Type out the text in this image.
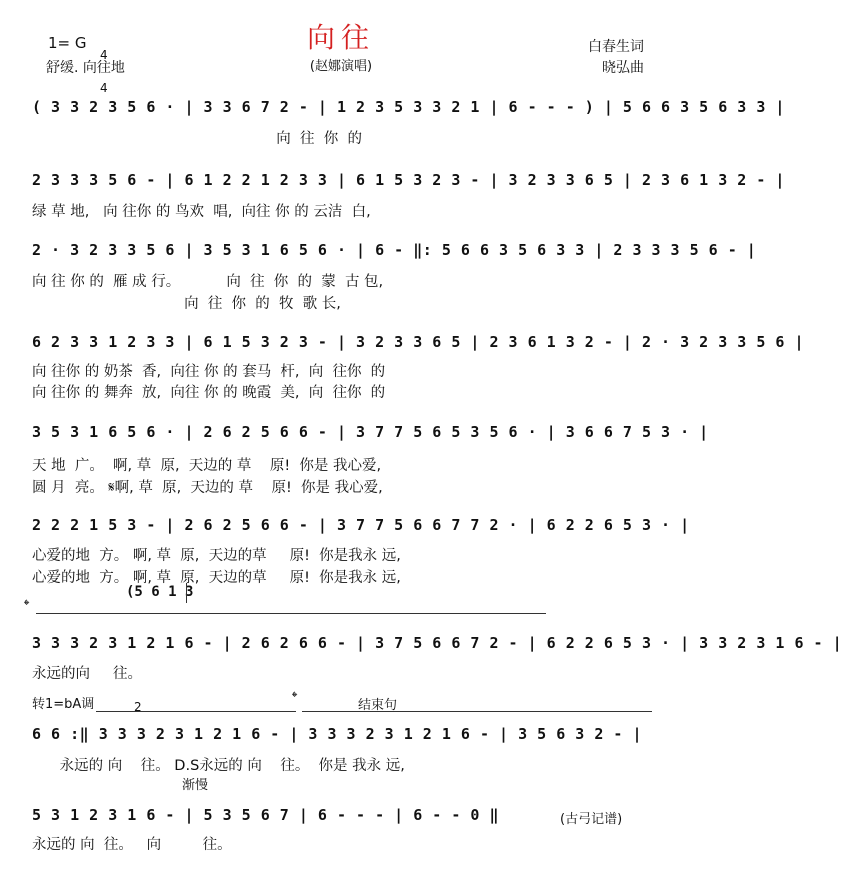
向往
1= G

4

4

舒缓. 向往地	(赵娜演唱)
白春生词
晓弘曲
( 3 3 2 3 5 6 · | 3 3 6 7 2 - | 1 2 3 5 3 3 2 1 | 6 - - - ) | 5 6 6 3 5 6 3 3 |
向  往  你  的
2 3 3 3 5 6 - | 6 1 2 2 1 2 3 3 | 6 1 5 3 2 3 - | 3 2 3 3 6 5 | 2 3 6 1 3 2 - |
绿 草 地,   向 往你 的 鸟欢  唱,  向往 你 的 云洁  白,
2 · 3 2 3 3 5 6 | 3 5 3 1 6 5 6 · | 6 - ‖: 5 6 6 3 5 6 3 3 | 2 3 3 3 5 6 - |
向 往 你 的  雁 成 行。          向  往  你  的  蒙  古 包,
向  往  你  的  牧  歌 长,
6 2 3 3 1 2 3 3 | 6 1 5 3 2 3 - | 3 2 3 3 6 5 | 2 3 6 1 3 2 - | 2 · 3 2 3 3 5 6 |
向 往你 的 奶茶  香,  向往 你 的 套马  杆,  向  往你  的
向 往你 的 舞奔  放,  向往 你 的 晚霞  美,  向  往你  的
3 5 3 1 6 5 6 · | 2 6 2 5 6 6 - | 3 7 7 5 6 5 3 5 6 · | 3 6 6 7 5 3 · |
天 地  广。  啊, 草  原,  天边的 草    原!  你是 我心爱,
圆 月  亮。 𝄋啊, 草  原,  天边的 草    原!  你是 我心爱,
2 2 2 1 5 3 - | 2 6 2 5 6 6 - | 3 7 7 5 6 6 7 7 2 · | 6 2 2 6 5 3 · |
心爱的地  方。 啊, 草  原,  天边的草     原!  你是我永 远,
心爱的地  方。 啊, 草  原,  天边的草     原!  你是我永 远,
𝄌
(5 6 1 3
3 3 3 2 3 1 2 1 6 - | 2 6 2 6 6 - | 3 7 5 6 6 7 2 - | 6 2 2 6 5 3 · | 3 3 2 3 1 6 - |
永远的向     往。
转1=bA调	2
𝄌	结束句
6 6 :‖ 3 3 3 2 3 1 2 1 6 - | 3 3 3 2 3 1 2 1 6 - | 3 5 6 3 2 - |
永远的 向    往。 D.S永远的 向    往。  你是 我永 远,
渐慢
5 3 1 2 3 1 6 - | 5 3 5 6 7 | 6 - - - | 6 - - 0 ‖
永远的 向  往。   向         往。
(古弓记谱)
